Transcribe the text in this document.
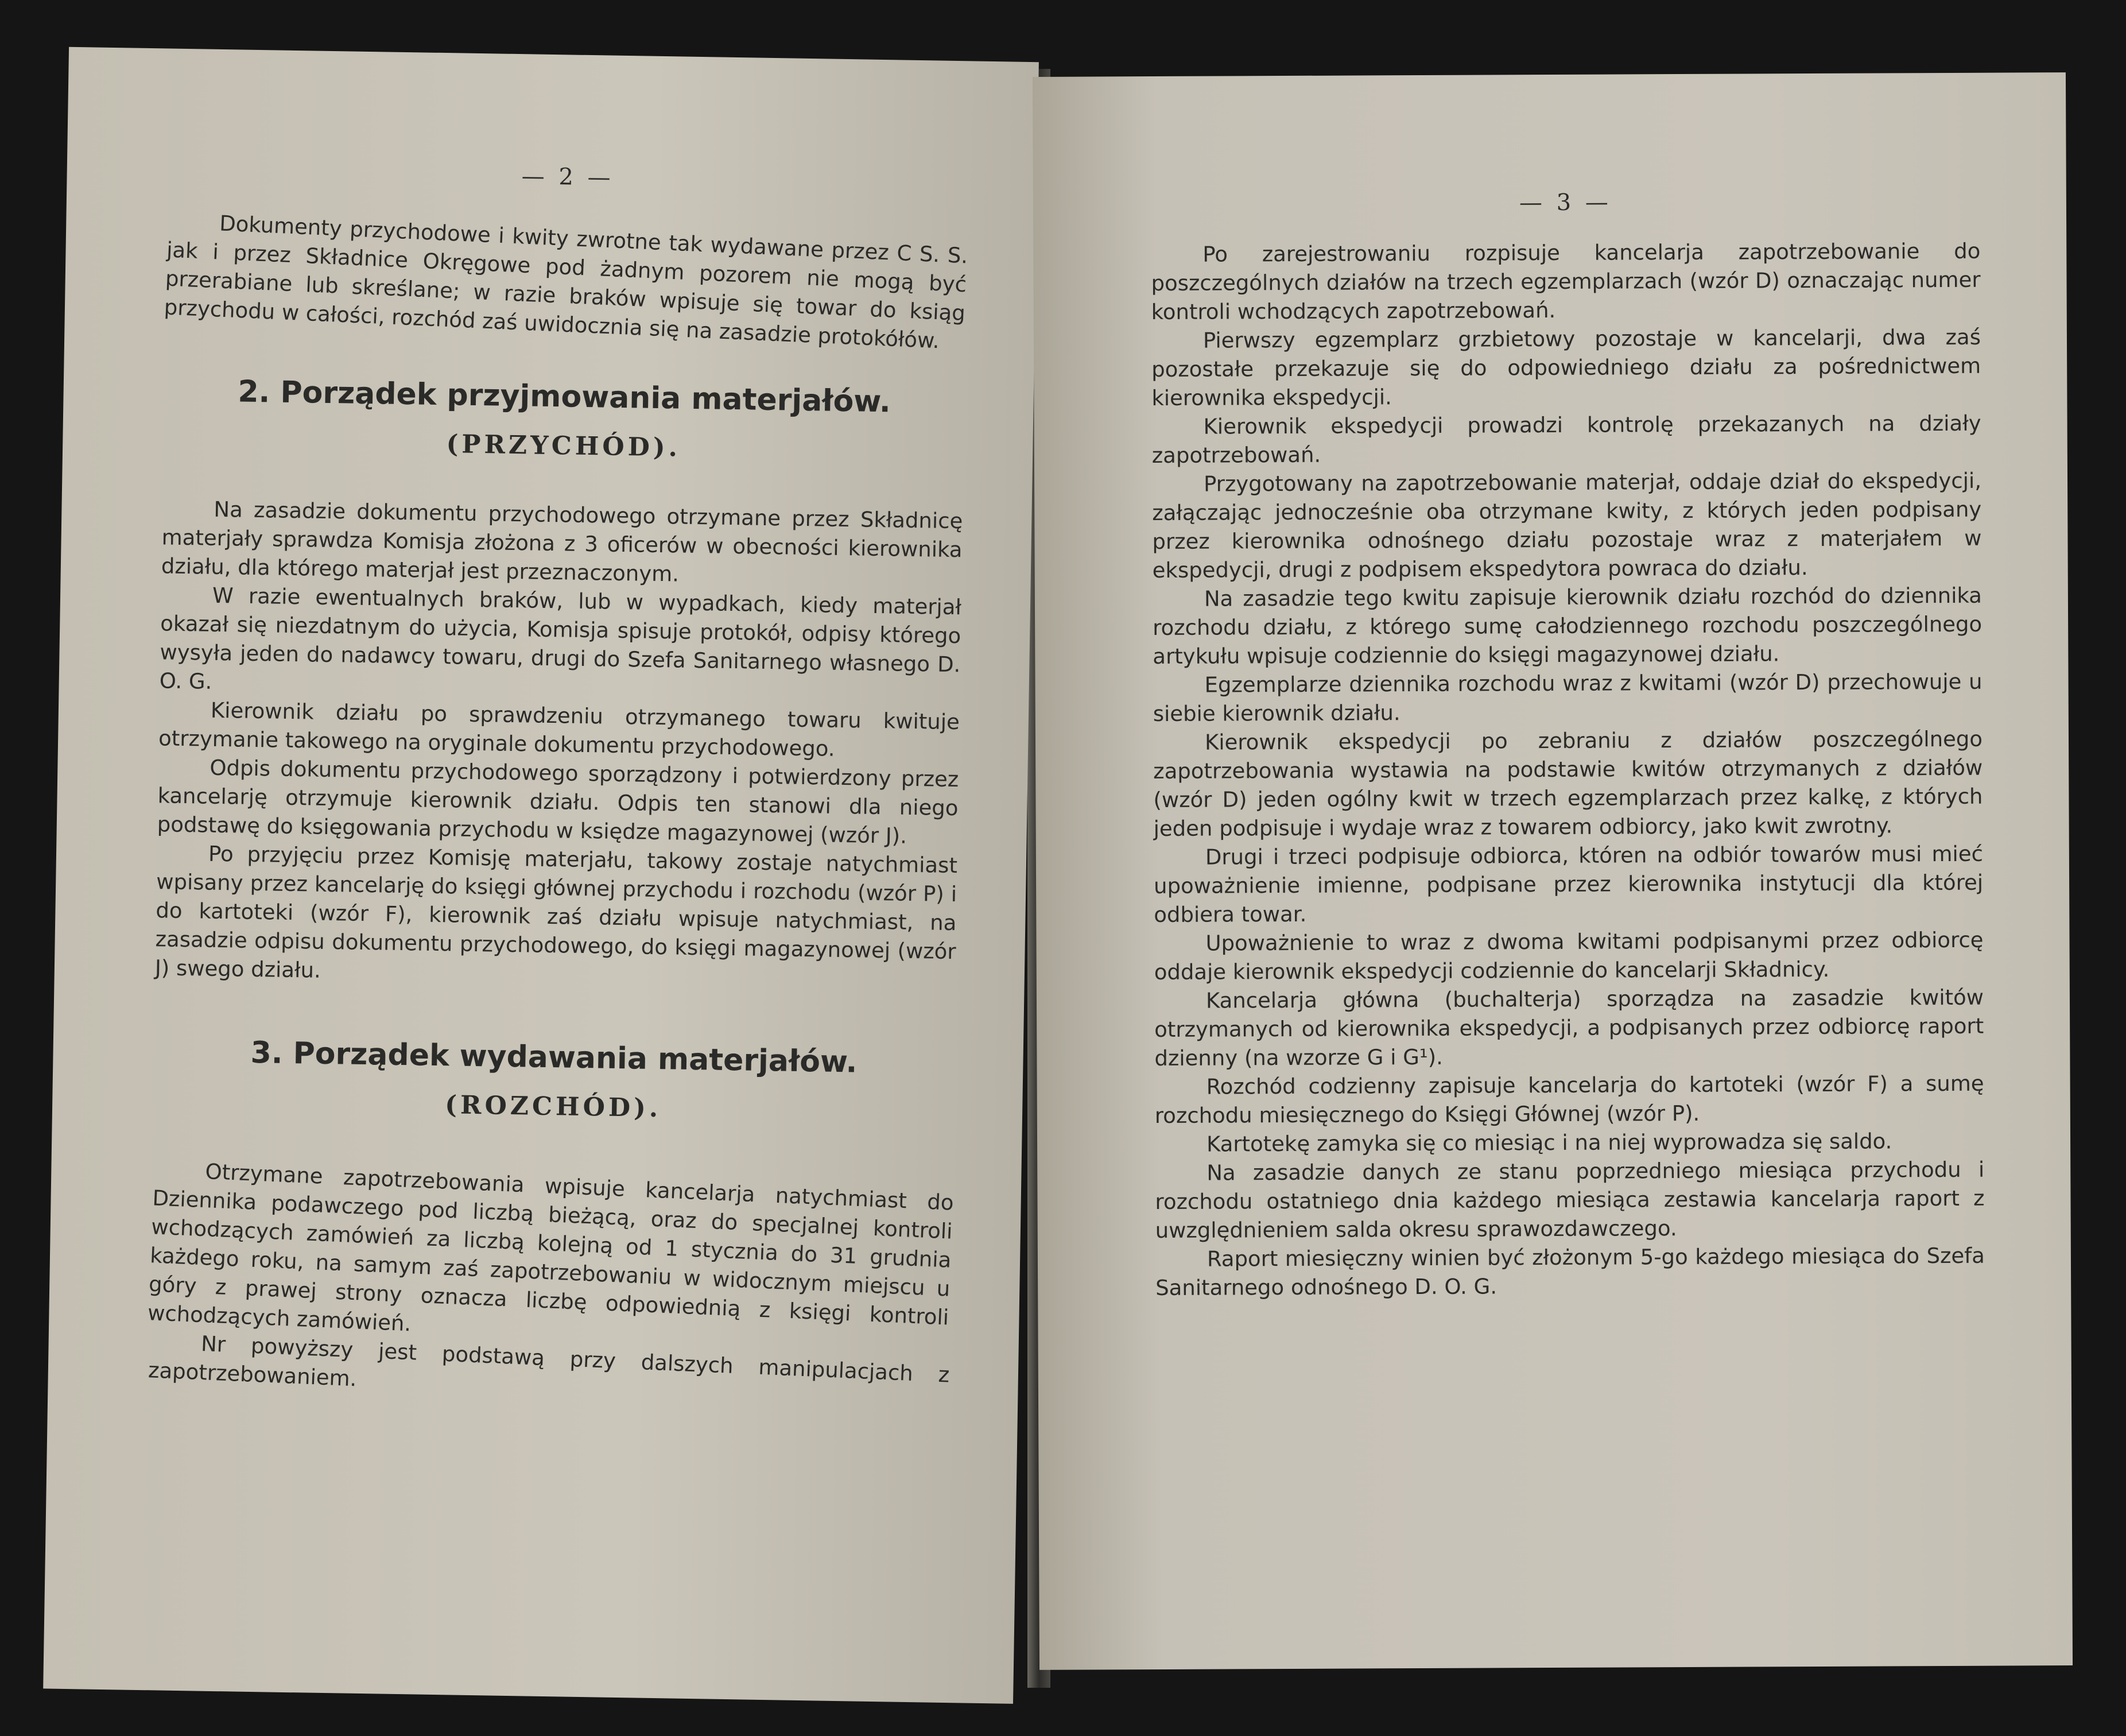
— 2 —

Dokumenty przychodowe i kwity zwrotne tak wydawane przez C S. S. jak i przez Składnice Okręgowe pod żadnym pozorem nie mogą być przerabiane lub skreślane; w razie braków wpisuje się towar do ksiąg przychodu w całości, rozchód zaś uwidocznia się na zasadzie protokółów.

2. Porządek przyjmowania materjałów.
(PRZYCHÓD).

Na zasadzie dokumentu przychodowego otrzymane przez Składnicę materjały sprawdza Komisja złożona z 3 oficerów w obecności kierownika działu, dla którego materjał jest przeznaczonym.

W razie ewentualnych braków, lub w wypadkach, kiedy materjał okazał się niezdatnym do użycia, Komisja spisuje protokół, odpisy którego wysyła jeden do nadawcy towaru, drugi do Szefa Sanitarnego własnego D. O. G.

Kierownik działu po sprawdzeniu otrzymanego towaru kwituje otrzymanie takowego na oryginale dokumentu przychodowego.

Odpis dokumentu przychodowego sporządzony i potwierdzony przez kancelarję otrzymuje kierownik działu. Odpis ten stanowi dla niego podstawę do księgowania przychodu w księdze magazynowej (wzór J).

Po przyjęciu przez Komisję materjału, takowy zostaje natychmiast wpisany przez kancelarję do księgi głównej przychodu i rozchodu (wzór P) i do kartoteki (wzór F), kierownik zaś działu wpisuje natychmiast, na zasadzie odpisu dokumentu przychodowego, do księgi magazynowej (wzór J) swego działu.

3. Porządek wydawania materjałów.
(ROZCHÓD).

Otrzymane zapotrzebowania wpisuje kancelarja natychmiast do Dziennika podawczego pod liczbą bieżącą, oraz do specjalnej kontroli wchodzących zamówień za liczbą kolejną od 1 stycznia do 31 grudnia każdego roku, na samym zaś zapotrzebowaniu w widocznym miejscu u góry z prawej strony oznacza liczbę odpowiednią z księgi kontroli wchodzących zamówień.

Nr powyższy jest podstawą przy dalszych manipulacjach z zapotrzebowaniem.

— 3 —

Po zarejestrowaniu rozpisuje kancelarja zapotrzebowanie do poszczególnych działów na trzech egzemplarzach (wzór D) oznaczając numer kontroli wchodzących zapotrzebowań.

Pierwszy egzemplarz grzbietowy pozostaje w kancelarji, dwa zaś pozostałe przekazuje się do odpowiedniego działu za pośrednictwem kierownika ekspedycji.

Kierownik ekspedycji prowadzi kontrolę przekazanych na działy zapotrzebowań.

Przygotowany na zapotrzebowanie materjał, oddaje dział do ekspedycji, załączając jednocześnie oba otrzymane kwity, z których jeden podpisany przez kierownika odnośnego działu pozostaje wraz z materjałem w ekspedycji, drugi z podpisem ekspedytora powraca do działu.

Na zasadzie tego kwitu zapisuje kierownik działu rozchód do dziennika rozchodu działu, z którego sumę całodziennego rozchodu poszczególnego artykułu wpisuje codziennie do księgi magazynowej działu.

Egzemplarze dziennika rozchodu wraz z kwitami (wzór D) przechowuje u siebie kierownik działu.

Kierownik ekspedycji po zebraniu z działów poszczególnego zapotrzebowania wystawia na podstawie kwitów otrzymanych z działów (wzór D) jeden ogólny kwit w trzech egzemplarzach przez kalkę, z których jeden podpisuje i wydaje wraz z towarem odbiorcy, jako kwit zwrotny.

Drugi i trzeci podpisuje odbiorca, któren na odbiór towarów musi mieć upoważnienie imienne, podpisane przez kierownika instytucji dla której odbiera towar.

Upoważnienie to wraz z dwoma kwitami podpisanymi przez odbiorcę oddaje kierownik ekspedycji codziennie do kancelarji Składnicy.

Kancelarja główna (buchalterja) sporządza na zasadzie kwitów otrzymanych od kierownika ekspedycji, a podpisanych przez odbiorcę raport dzienny (na wzorze G i G¹).

Rozchód codzienny zapisuje kancelarja do kartoteki (wzór F) a sumę rozchodu miesięcznego do Księgi Głównej (wzór P).

Kartotekę zamyka się co miesiąc i na niej wyprowadza się saldo.

Na zasadzie danych ze stanu poprzedniego miesiąca przychodu i rozchodu ostatniego dnia każdego miesiąca zestawia kancelarja raport z uwzględnieniem salda okresu sprawozdawczego.

Raport miesięczny winien być złożonym 5-go każdego miesiąca do Szefa Sanitarnego odnośnego D. O. G.
